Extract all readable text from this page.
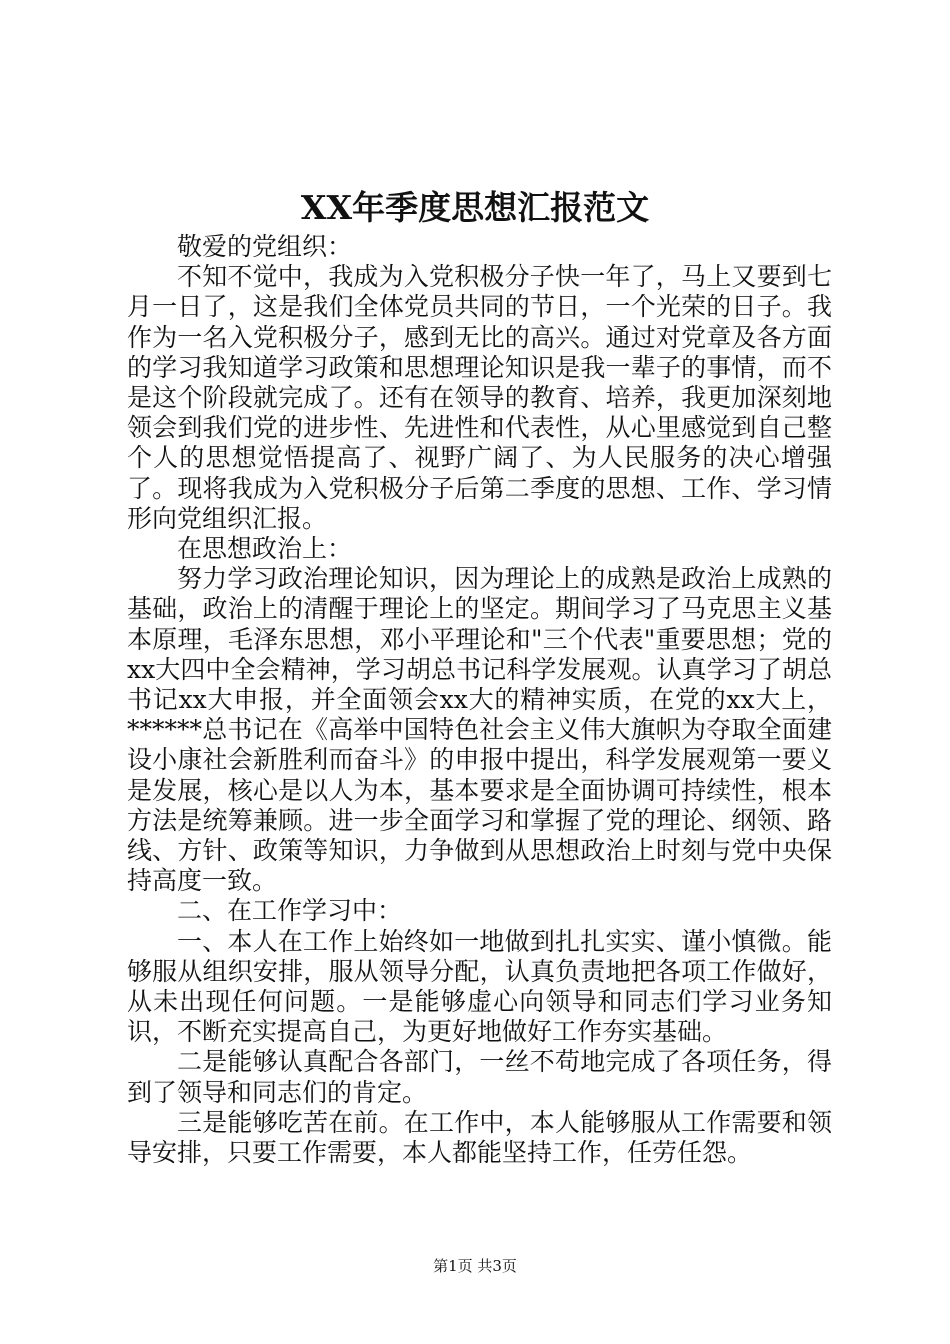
XX年季度思想汇报范文

敬爱的党组织：

不知不觉中，我成为入党积极分子快一年了，马上又要到七月一日了，这是我们全体党员共同的节日，一个光荣的日子。我作为一名入党积极分子，感到无比的高兴。通过对党章及各方面的学习我知道学习政策和思想理论知识是我一辈子的事情，而不是这个阶段就完成了。还有在领导的教育、培养，我更加深刻地领会到我们党的进步性、先进性和代表性，从心里感觉到自己整个人的思想觉悟提高了、视野广阔了、为人民服务的决心增强了。现将我成为入党积极分子后第二季度的思想、工作、学习情形向党组织汇报。

在思想政治上：

努力学习政治理论知识，因为理论上的成熟是政治上成熟的基础，政治上的清醒于理论上的坚定。期间学习了马克思主义基本原理，毛泽东思想，邓小平理论和"三个代表"重要思想；党的xx大四中全会精神，学习胡总书记科学发展观。认真学习了胡总书记xx大申报，并全面领会xx大的精神实质，在党的xx大上，******总书记在《高举中国特色社会主义伟大旗帜为夺取全面建设小康社会新胜利而奋斗》的申报中提出，科学发展观第一要义是发展，核心是以人为本，基本要求是全面协调可持续性，根本方法是统筹兼顾。进一步全面学习和掌握了党的理论、纲领、路线、方针、政策等知识，力争做到从思想政治上时刻与党中央保持高度一致。

二、在工作学习中：

一、本人在工作上始终如一地做到扎扎实实、谨小慎微。能够服从组织安排，服从领导分配，认真负责地把各项工作做好，从未出现任何问题。一是能够虚心向领导和同志们学习业务知识，不断充实提高自己，为更好地做好工作夯实基础。

二是能够认真配合各部门，一丝不苟地完成了各项任务，得到了领导和同志们的肯定。

三是能够吃苦在前。在工作中，本人能够服从工作需要和领导安排，只要工作需要，本人都能坚持工作，任劳任怨。

第1页 共3页
